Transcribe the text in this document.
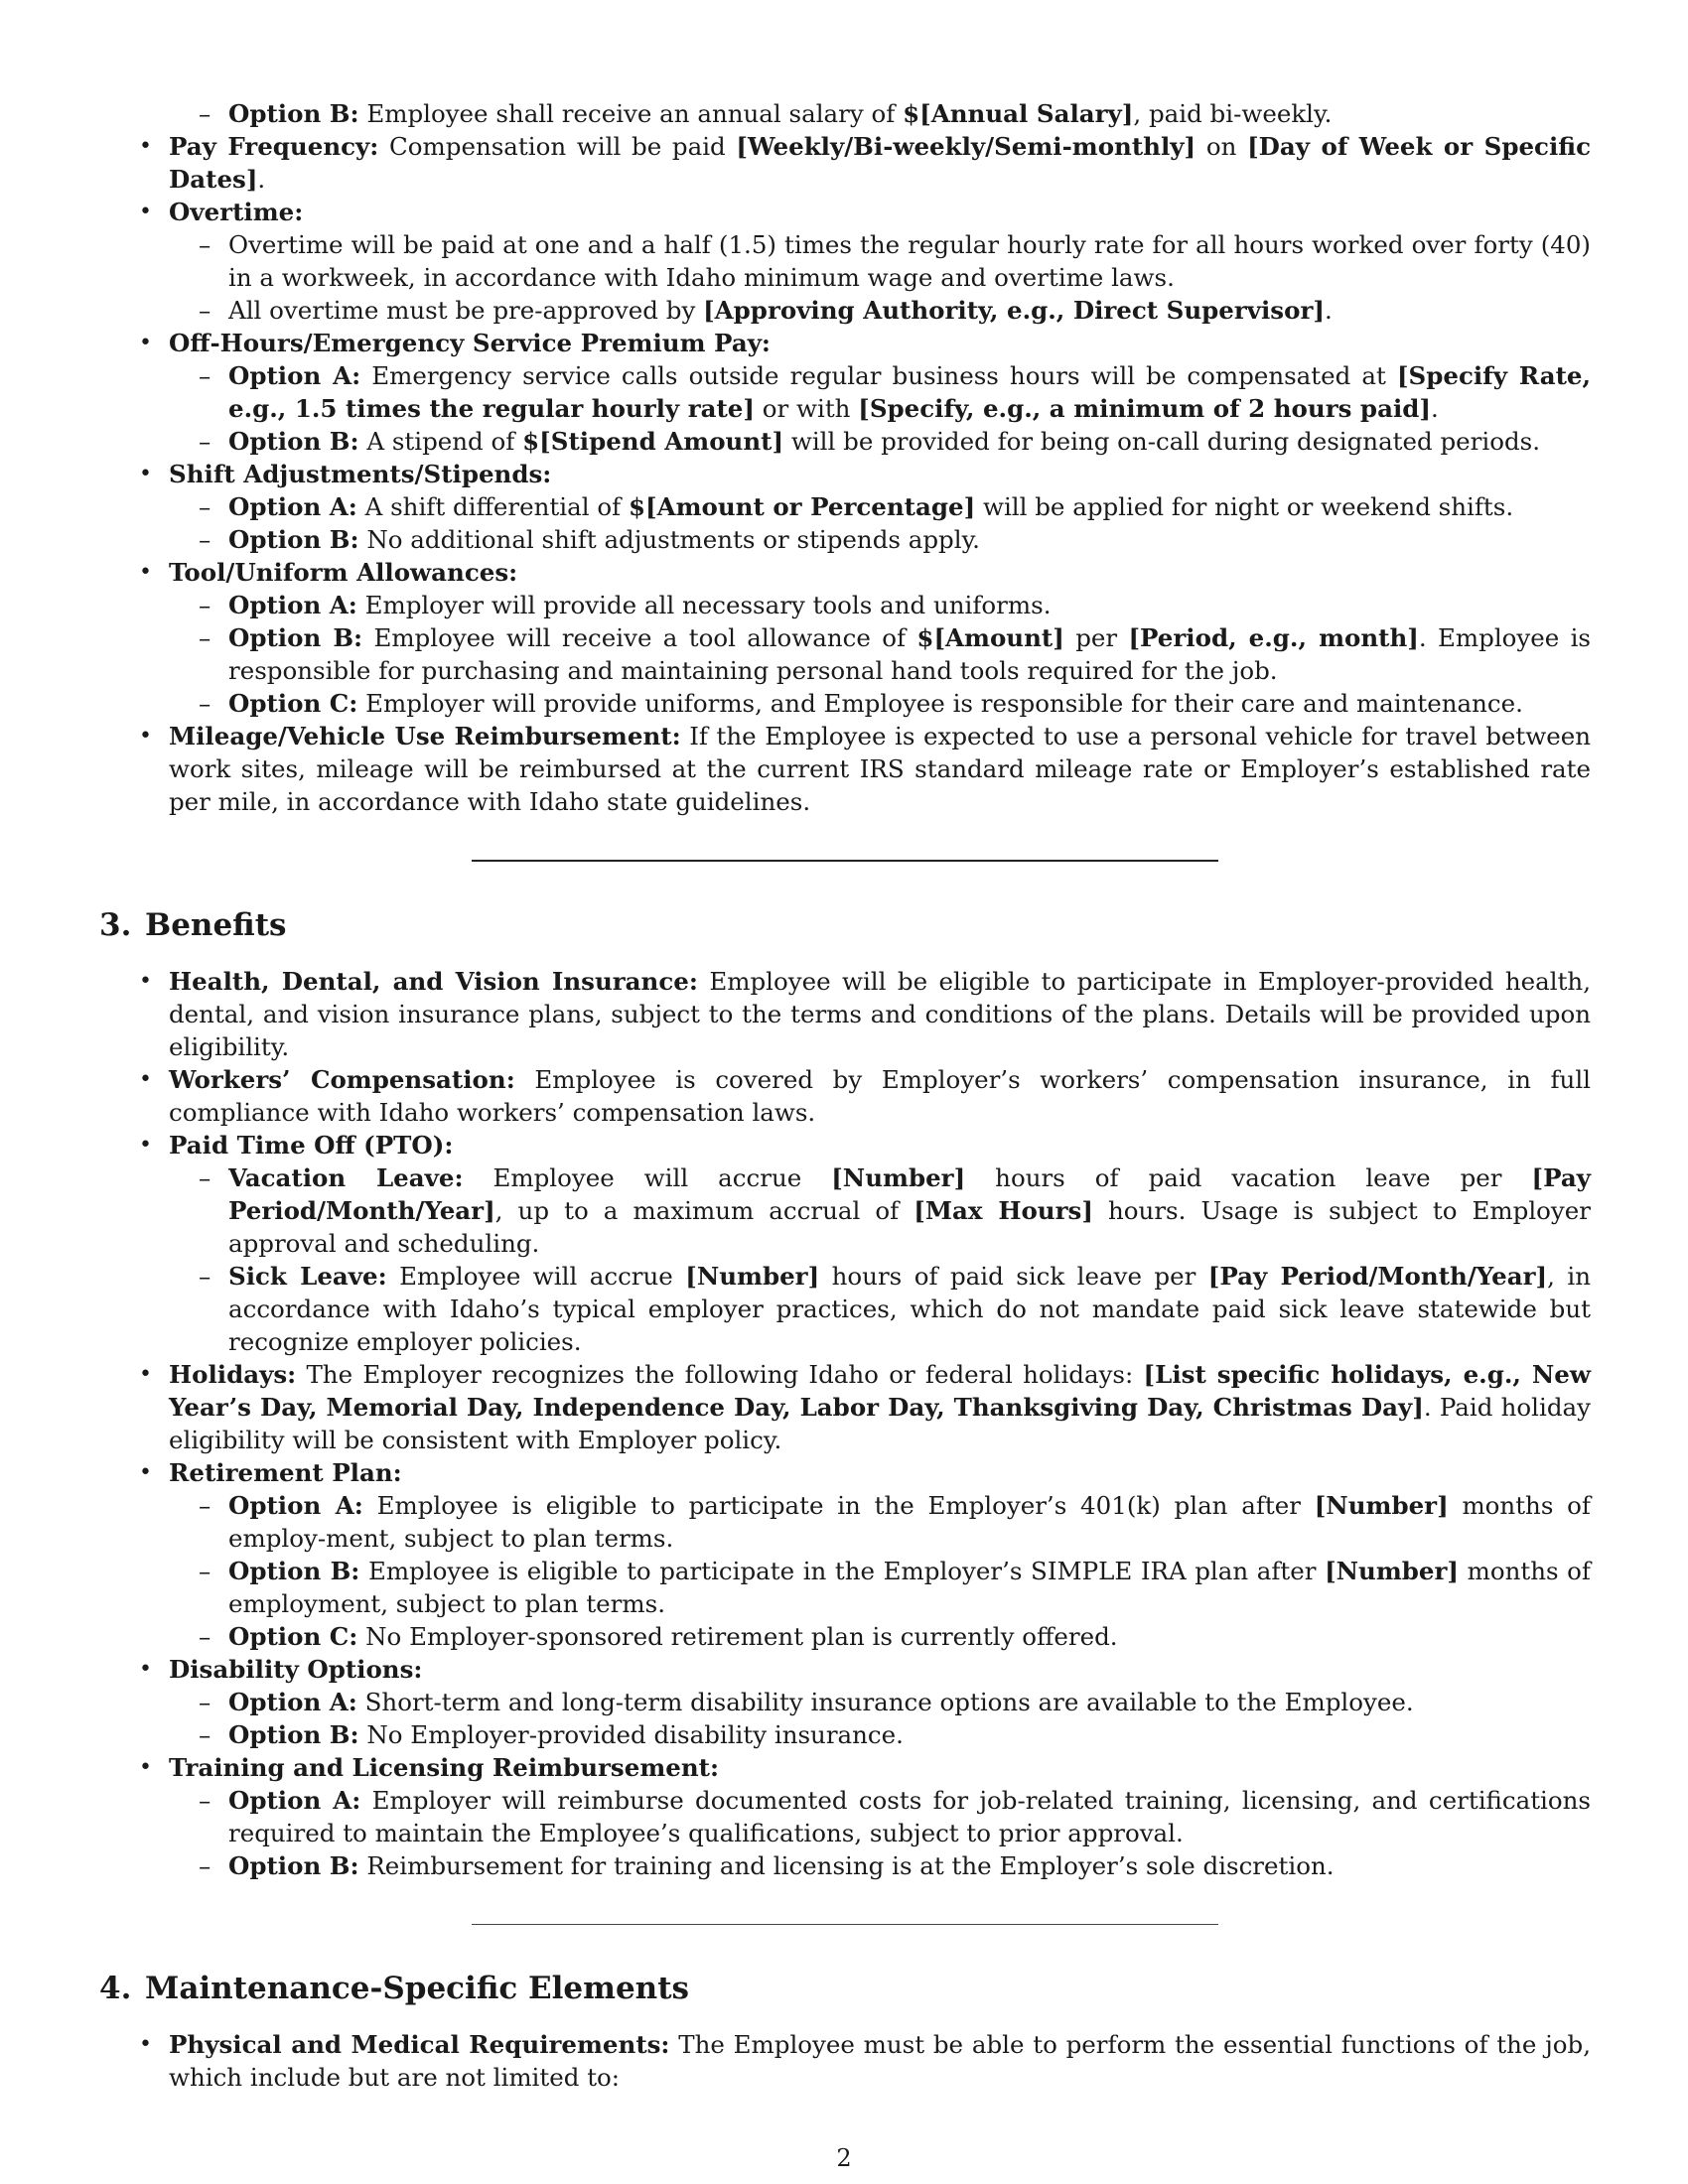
– Option B: Employee shall receive an annual salary of $[Annual Salary], paid bi-weekly.
• Pay Frequency: Compensation will be paid [Weekly/Bi-weekly/Semi-monthly] on [Day of Week or Specific Dates].
• Overtime:
– Overtime will be paid at one and a half (1.5) times the regular hourly rate for all hours worked over forty (40) in a workweek, in accordance with Idaho minimum wage and overtime laws.
– All overtime must be pre-approved by [Approving Authority, e.g., Direct Supervisor].
• Off-Hours/Emergency Service Premium Pay:
– Option A: Emergency service calls outside regular business hours will be compensated at [Specify Rate, e.g., 1.5 times the regular hourly rate] or with [Specify, e.g., a minimum of 2 hours paid].
– Option B: A stipend of $[Stipend Amount] will be provided for being on-call during designated periods.
• Shift Adjustments/Stipends:
– Option A: A shift differential of $[Amount or Percentage] will be applied for night or weekend shifts.
– Option B: No additional shift adjustments or stipends apply.
• Tool/Uniform Allowances:
– Option A: Employer will provide all necessary tools and uniforms.
– Option B: Employee will receive a tool allowance of $[Amount] per [Period, e.g., month]. Employee is responsible for purchasing and maintaining personal hand tools required for the job.
– Option C: Employer will provide uniforms, and Employee is responsible for their care and maintenance.
• Mileage/Vehicle Use Reimbursement: If the Employee is expected to use a personal vehicle for travel between work sites, mileage will be reimbursed at the current IRS standard mileage rate or Employer’s established rate per mile, in accordance with Idaho state guidelines.
3. Benefits
• Health, Dental, and Vision Insurance: Employee will be eligible to participate in Employer-provided health, dental, and vision insurance plans, subject to the terms and conditions of the plans. Details will be provided upon eligibility.
• Workers’ Compensation: Employee is covered by Employer’s workers’ compensation insurance, in full compliance with Idaho workers’ compensation laws.
• Paid Time Off (PTO):
– Vacation Leave: Employee will accrue [Number] hours of paid vacation leave per [Pay Period/Month/Year], up to a maximum accrual of [Max Hours] hours. Usage is subject to Employer approval and scheduling.
– Sick Leave: Employee will accrue [Number] hours of paid sick leave per [Pay Period/Month/Year], in accordance with Idaho’s typical employer practices, which do not mandate paid sick leave statewide but recognize employer policies.
• Holidays: The Employer recognizes the following Idaho or federal holidays: [List specific holidays, e.g., New Year’s Day, Memorial Day, Independence Day, Labor Day, Thanksgiving Day, Christmas Day]. Paid holiday eligibility will be consistent with Employer policy.
• Retirement Plan:
– Option A: Employee is eligible to participate in the Employer’s 401(k) plan after [Number] months of employ-ment, subject to plan terms.
– Option B: Employee is eligible to participate in the Employer’s SIMPLE IRA plan after [Number] months of employment, subject to plan terms.
– Option C: No Employer-sponsored retirement plan is currently offered.
• Disability Options:
– Option A: Short-term and long-term disability insurance options are available to the Employee.
– Option B: No Employer-provided disability insurance.
• Training and Licensing Reimbursement:
– Option A: Employer will reimburse documented costs for job-related training, licensing, and certifications required to maintain the Employee’s qualifications, subject to prior approval.
– Option B: Reimbursement for training and licensing is at the Employer’s sole discretion.
4. Maintenance-Specific Elements
• Physical and Medical Requirements: The Employee must be able to perform the essential functions of the job, which include but are not limited to:
2
